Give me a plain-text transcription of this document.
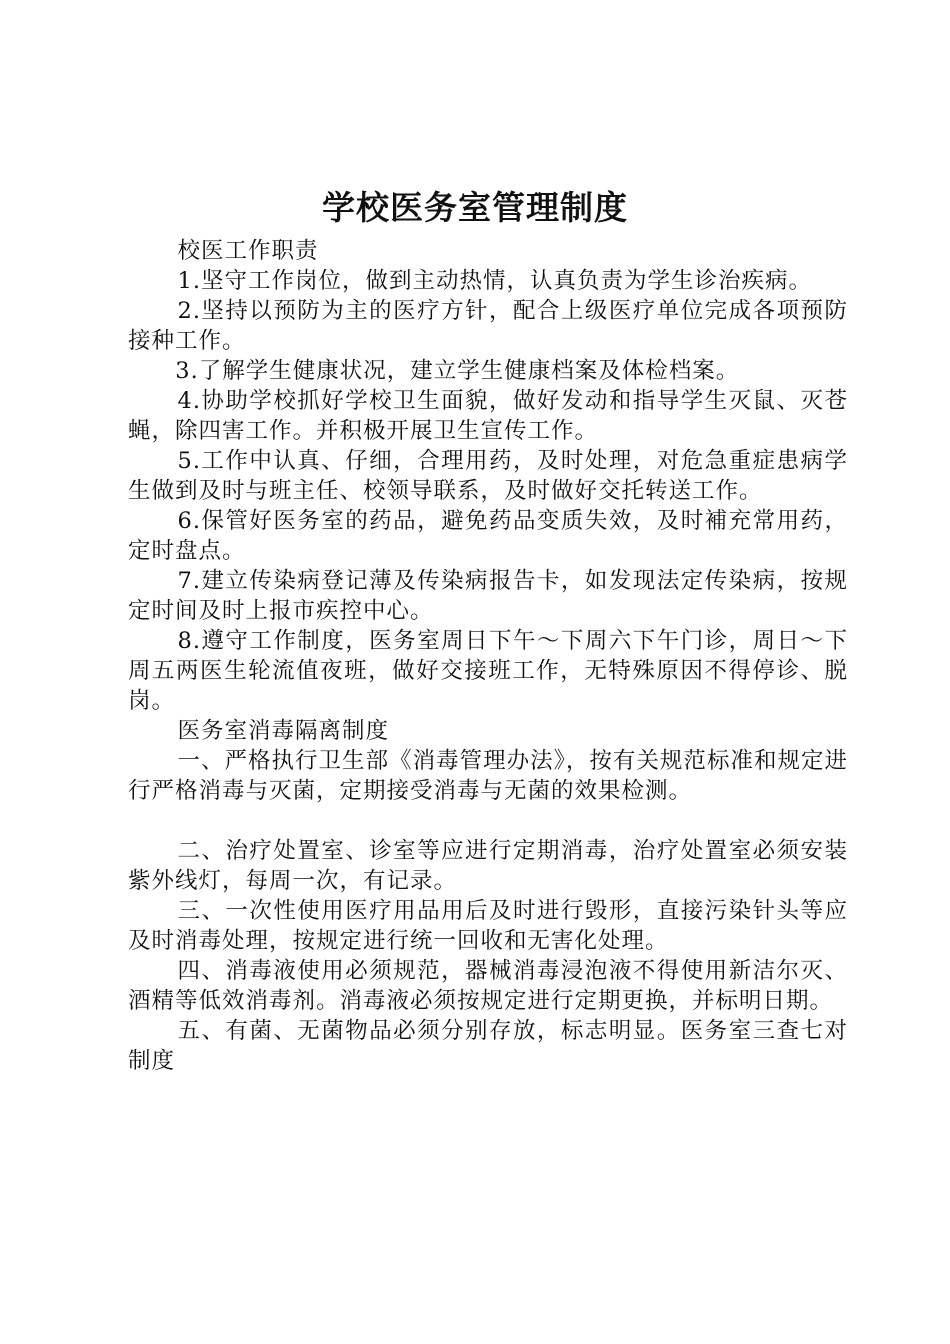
学校医务室管理制度

校医工作职责

1.坚守工作岗位，做到主动热情，认真负责为学生诊治疾病。

2.坚持以预防为主的医疗方针，配合上级医疗单位完成各项预防接种工作。

3.了解学生健康状况，建立学生健康档案及体检档案。

4.协助学校抓好学校卫生面貌，做好发动和指导学生灭鼠、灭苍蝇，除四害工作。并积极开展卫生宣传工作。

5.工作中认真、仔细，合理用药，及时处理，对危急重症患病学生做到及时与班主任、校领导联系，及时做好交托转送工作。

6.保管好医务室的药品，避免药品变质失效，及时補充常用药，定时盘点。

7.建立传染病登记薄及传染病报告卡，如发现法定传染病，按规定时间及时上报市疾控中心。

8.遵守工作制度，医务室周日下午～下周六下午门诊，周日～下周五两医生轮流值夜班，做好交接班工作，无特殊原因不得停诊、脱岗。

医务室消毒隔离制度

一、严格执行卫生部《消毒管理办法》，按有关规范标准和规定进行严格消毒与灭菌，定期接受消毒与无菌的效果检测。

二、治疗处置室、诊室等应进行定期消毒，治疗处置室必须安装紫外线灯，每周一次，有记录。

三、一次性使用医疗用品用后及时进行毁形，直接污染针头等应及时消毒处理，按规定进行统一回收和无害化处理。

四、消毒液使用必须规范，器械消毒浸泡液不得使用新洁尔灭、酒精等低效消毒剂。消毒液必须按规定进行定期更换，并标明日期。

五、有菌、无菌物品必须分别存放，标志明显。医务室三查七对制度
